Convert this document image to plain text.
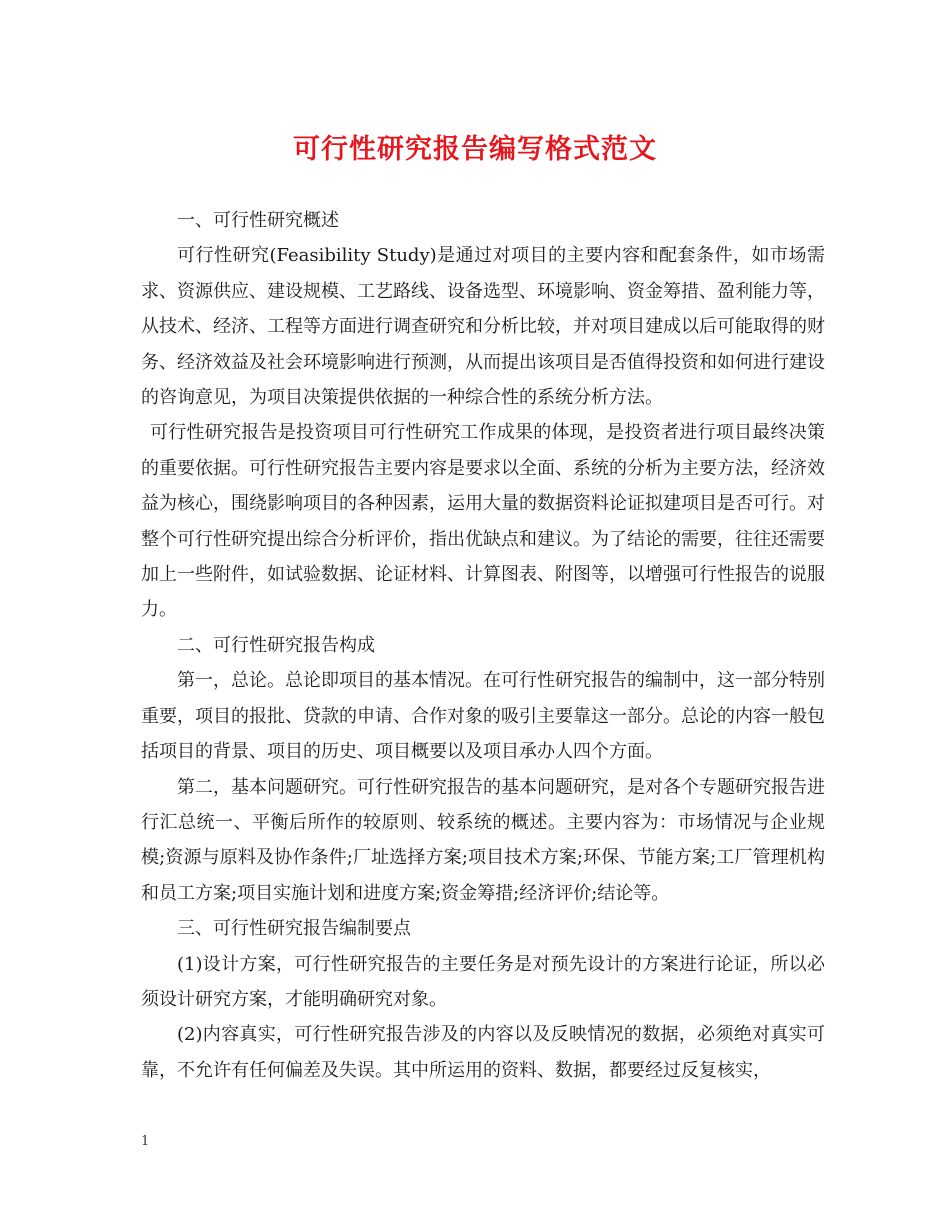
可行性研究报告编写格式范文

一、可行性研究概述

可行性研究(Feasibility Study)是通过对项目的主要内容和配套条件，如市场需求、资源供应、建设规模、工艺路线、设备选型、环境影响、资金筹措、盈利能力等，从技术、经济、工程等方面进行调查研究和分析比较，并对项目建成以后可能取得的财务、经济效益及社会环境影响进行预测，从而提出该项目是否值得投资和如何进行建设的咨询意见，为项目决策提供依据的一种综合性的系统分析方法。

可行性研究报告是投资项目可行性研究工作成果的体现，是投资者进行项目最终决策的重要依据。可行性研究报告主要内容是要求以全面、系统的分析为主要方法，经济效益为核心，围绕影响项目的各种因素，运用大量的数据资料论证拟建项目是否可行。对整个可行性研究提出综合分析评价，指出优缺点和建议。为了结论的需要，往往还需要加上一些附件，如试验数据、论证材料、计算图表、附图等，以增强可行性报告的说服力。

二、可行性研究报告构成

第一，总论。总论即项目的基本情况。在可行性研究报告的编制中，这一部分特别重要，项目的报批、贷款的申请、合作对象的吸引主要靠这一部分。总论的内容一般包括项目的背景、项目的历史、项目概要以及项目承办人四个方面。

第二，基本问题研究。可行性研究报告的基本问题研究，是对各个专题研究报告进行汇总统一、平衡后所作的较原则、较系统的概述。主要内容为：市场情况与企业规模;资源与原料及协作条件;厂址选择方案;项目技术方案;环保、节能方案;工厂管理机构和员工方案;项目实施计划和进度方案;资金筹措;经济评价;结论等。

三、可行性研究报告编制要点

(1)设计方案，可行性研究报告的主要任务是对预先设计的方案进行论证，所以必须设计研究方案，才能明确研究对象。

(2)内容真实，可行性研究报告涉及的内容以及反映情况的数据，必须绝对真实可靠，不允许有任何偏差及失误。其中所运用的资料、数据，都要经过反复核实，

1
